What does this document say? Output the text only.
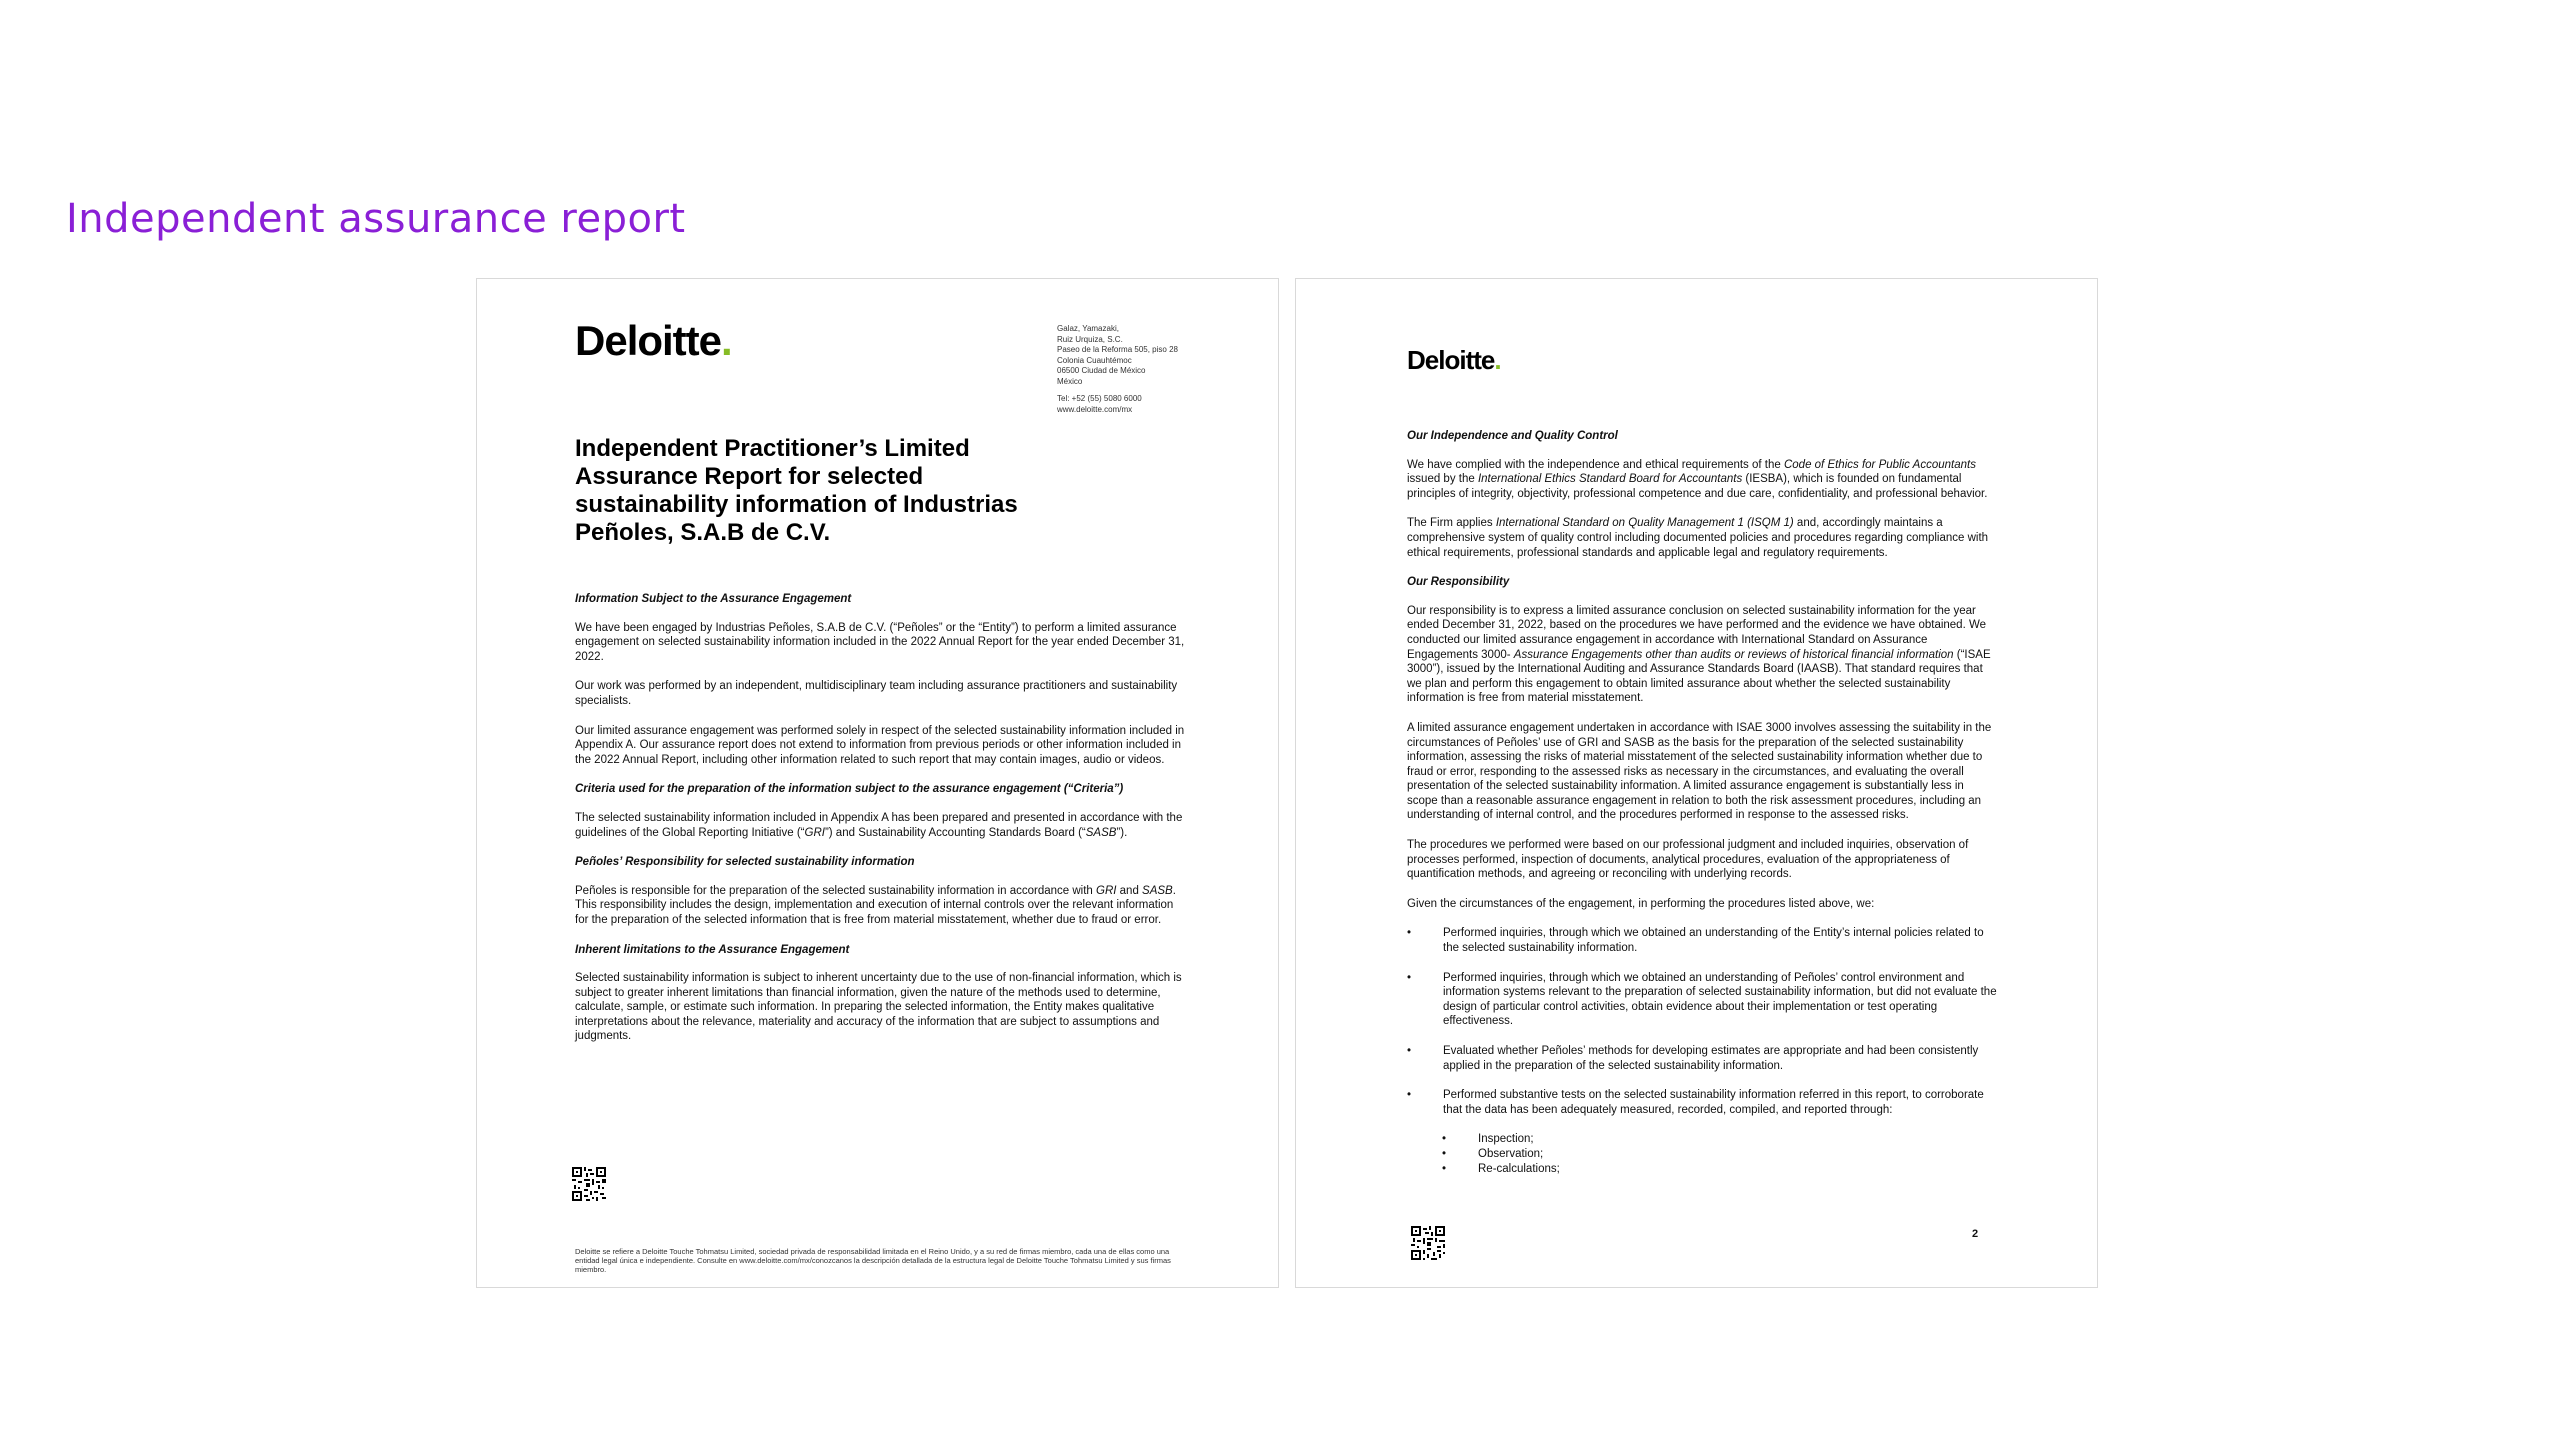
Independent assurance report
Deloitte.	Galaz, Yamazaki,
Ruiz Urquiza, S.C.
Paseo de la Reforma 505, piso 28
Colonia Cuauhtémoc
06500 Ciudad de México
México
Tel: +52 (55) 5080 6000
www.deloitte.com/mx
Independent Practitioner’s Limited Assurance Report for selected sustainability information of Industrias Peñoles, S.A.B de C.V.
Information Subject to the Assurance Engagement

We have been engaged by Industrias Peñoles, S.A.B de C.V. (“Peñoles” or the “Entity”) to perform a limited assurance engagement on selected sustainability information included in the 2022 Annual Report for the year ended December 31, 2022.

Our work was performed by an independent, multidisciplinary team including assurance practitioners and sustainability specialists.

Our limited assurance engagement was performed solely in respect of the selected sustainability information included in Appendix A. Our assurance report does not extend to information from previous periods or other information included in the 2022 Annual Report, including other information related to such report that may contain images, audio or videos.

Criteria used for the preparation of the information subject to the assurance engagement (“Criteria”)

The selected sustainability information included in Appendix A has been prepared and presented in accordance with the guidelines of the Global Reporting Initiative (“GRI”) and Sustainability Accounting Standards Board (“SASB”).

Peñoles’ Responsibility for selected sustainability information

Peñoles is responsible for the preparation of the selected sustainability information in accordance with GRI and SASB. This responsibility includes the design, implementation and execution of internal controls over the relevant information for the preparation of the selected information that is free from material misstatement, whether due to fraud or error.

Inherent limitations to the Assurance Engagement

Selected sustainability information is subject to inherent uncertainty due to the use of non-financial information, which is subject to greater inherent limitations than financial information, given the nature of the methods used to determine, calculate, sample, or estimate such information. In preparing the selected information, the Entity makes qualitative interpretations about the relevance, materiality and accuracy of the information that are subject to assumptions and judgments.

Deloitte se refiere a Deloitte Touche Tohmatsu Limited, sociedad privada de responsabilidad limitada en el Reino Unido, y a su red de firmas miembro, cada una de ellas como una entidad legal única e independiente. Consulte en www.deloitte.com/mx/conozcanos la descripción detallada de la estructura legal de Deloitte Touche Tohmatsu Limited y sus firmas miembro.
Deloitte.
Our Independence and Quality Control

We have complied with the independence and ethical requirements of the Code of Ethics for Public Accountants issued by the International Ethics Standard Board for Accountants (IESBA), which is founded on fundamental principles of integrity, objectivity, professional competence and due care, confidentiality, and professional behavior.

The Firm applies International Standard on Quality Management 1 (ISQM 1) and, accordingly maintains a comprehensive system of quality control including documented policies and procedures regarding compliance with ethical requirements, professional standards and applicable legal and regulatory requirements.

Our Responsibility

Our responsibility is to express a limited assurance conclusion on selected sustainability information for the year ended December 31, 2022, based on the procedures we have performed and the evidence we have obtained. We conducted our limited assurance engagement in accordance with International Standard on Assurance Engagements 3000- Assurance Engagements other than audits or reviews of historical financial information (“ISAE 3000”), issued by the International Auditing and Assurance Standards Board (IAASB). That standard requires that we plan and perform this engagement to obtain limited assurance about whether the selected sustainability information is free from material misstatement.

A limited assurance engagement undertaken in accordance with ISAE 3000 involves assessing the suitability in the circumstances of Peñoles’ use of GRI and SASB as the basis for the preparation of the selected sustainability information, assessing the risks of material misstatement of the selected sustainability information whether due to fraud or error, responding to the assessed risks as necessary in the circumstances, and evaluating the overall presentation of the selected sustainability information. A limited assurance engagement is substantially less in scope than a reasonable assurance engagement in relation to both the risk assessment procedures, including an understanding of internal control, and the procedures performed in response to the assessed risks.

The procedures we performed were based on our professional judgment and included inquiries, observation of processes performed, inspection of documents, analytical procedures, evaluation of the appropriateness of quantification methods, and agreeing or reconciling with underlying records.

Given the circumstances of the engagement, in performing the procedures listed above, we:

• Performed inquiries, through which we obtained an understanding of the Entity’s internal policies related to the selected sustainability information.
• Performed inquiries, through which we obtained an understanding of Peñoles’ control environment and information systems relevant to the preparation of selected sustainability information, but did not evaluate the design of particular control activities, obtain evidence about their implementation or test operating effectiveness.
• Evaluated whether Peñoles’ methods for developing estimates are appropriate and had been consistently applied in the preparation of the selected sustainability information.
• Performed substantive tests on the selected sustainability information referred in this report, to corroborate that the data has been adequately measured, recorded, compiled, and reported through:
• Inspection;
• Observation;
• Re-calculations;
2
